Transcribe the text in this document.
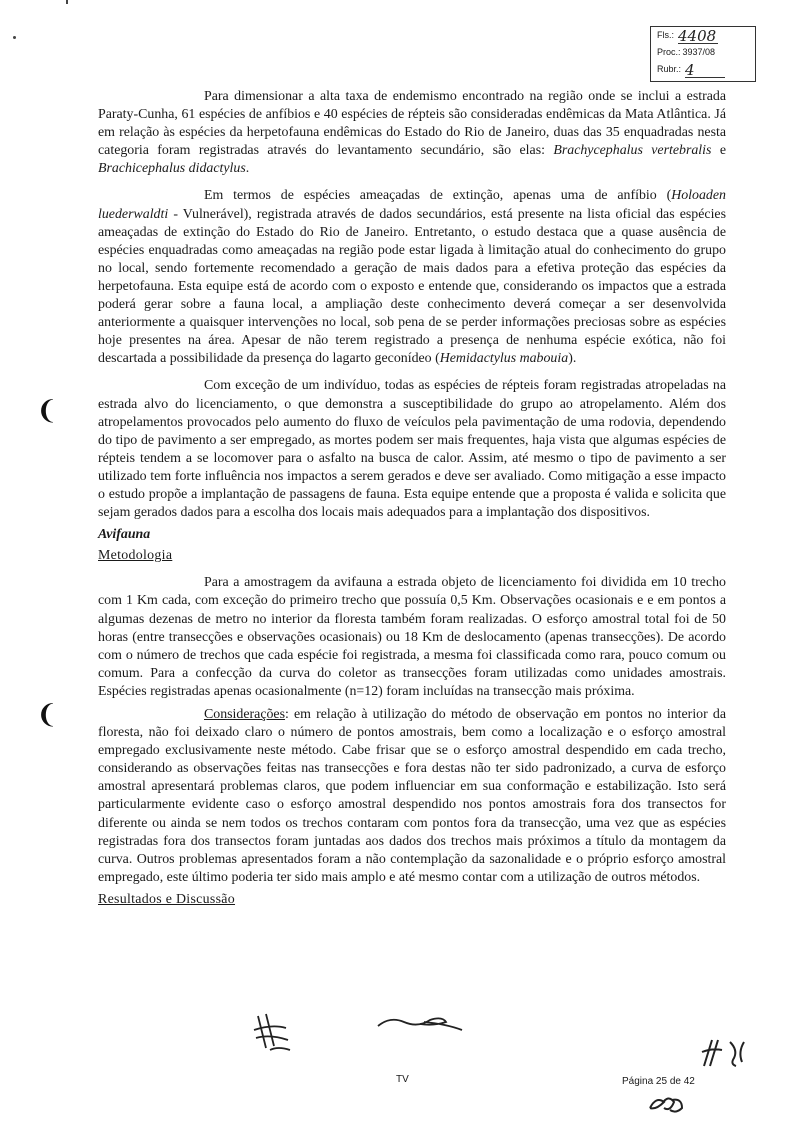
Fls.: 4408
Proc.: 3937/08
Rubr.: 4
❨
❨

Para dimensionar a alta taxa de endemismo encontrado na região onde se inclui a estrada Paraty-Cunha, 61 espécies de anfíbios e 40 espécies de répteis são consideradas endêmicas da Mata Atlântica. Já em relação às espécies da herpetofauna endêmicas do Estado do Rio de Janeiro, duas das 35 enquadradas nesta categoria foram registradas através do levantamento secundário, são elas: Brachycephalus vertebralis e Brachicephalus didactylus.

Em termos de espécies ameaçadas de extinção, apenas uma de anfíbio (Holoaden luederwaldti - Vulnerável), registrada através de dados secundários, está presente na lista oficial das espécies ameaçadas de extinção do Estado do Rio de Janeiro. Entretanto, o estudo destaca que a quase ausência de espécies enquadradas como ameaçadas na região pode estar ligada à limitação atual do conhecimento do grupo no local, sendo fortemente recomendado a geração de mais dados para a efetiva proteção das espécies da herpetofauna. Esta equipe está de acordo com o exposto e entende que, considerando os impactos que a estrada poderá gerar sobre a fauna local, a ampliação deste conhecimento deverá começar a ser desenvolvida anteriormente a quaisquer intervenções no local, sob pena de se perder informações preciosas sobre as espécies hoje presentes na área. Apesar de não terem registrado a presença de nenhuma espécie exótica, não foi descartada a possibilidade da presença do lagarto geconídeo (Hemidactylus mabouia).

Com exceção de um indivíduo, todas as espécies de répteis foram registradas atropeladas na estrada alvo do licenciamento, o que demonstra a susceptibilidade do grupo ao atropelamento. Além dos atropelamentos provocados pelo aumento do fluxo de veículos pela pavimentação de uma rodovia, dependendo do tipo de pavimento a ser empregado, as mortes podem ser mais frequentes, haja vista que algumas espécies de répteis tendem a se locomover para o asfalto na busca de calor. Assim, até mesmo o tipo de pavimento a ser utilizado tem forte influência nos impactos a serem gerados e deve ser avaliado. Como mitigação a esse impacto o estudo propõe a implantação de passagens de fauna. Esta equipe entende que a proposta é valida e solicita que sejam gerados dados para a escolha dos locais mais adequados para a implantação dos dispositivos.

Avifauna

Metodologia

Para a amostragem da avifauna a estrada objeto de licenciamento foi dividida em 10 trecho com 1 Km cada, com exceção do primeiro trecho que possuía 0,5 Km. Observações ocasionais e e em pontos a algumas dezenas de metro no interior da floresta também foram realizadas. O esforço amostral total foi de 50 horas (entre transecções e observações ocasionais) ou 18 Km de deslocamento (apenas transecções). De acordo com o número de trechos que cada espécie foi registrada, a mesma foi classificada como rara, pouco comum ou comum. Para a confecção da curva do coletor as transecções foram utilizadas como unidades amostrais. Espécies registradas apenas ocasionalmente (n=12) foram incluídas na transecção mais próxima.

Considerações: em relação à utilização do método de observação em pontos no interior da floresta, não foi deixado claro o número de pontos amostrais, bem como a localização e o esforço amostral empregado exclusivamente neste método. Cabe frisar que se o esforço amostral despendido em cada trecho, considerando as observações feitas nas transecções e fora destas não ter sido padronizado, a curva de esforço amostral apresentará problemas claros, que podem influenciar em sua conformação e estabilização. Isto será particularmente evidente caso o esforço amostral despendido nos pontos amostrais fora dos transectos for diferente ou ainda se nem todos os trechos contaram com pontos fora da transecção, uma vez que as espécies registradas fora dos transectos foram juntadas aos dados dos trechos mais próximos a título da montagem da curva. Outros problemas apresentados foram a não contemplação da sazonalidade e o próprio esforço amostral empregado, este último poderia ter sido mais amplo e até mesmo contar com a utilização de outros métodos.

Resultados e Discussão

TV	Página 25 de 42
